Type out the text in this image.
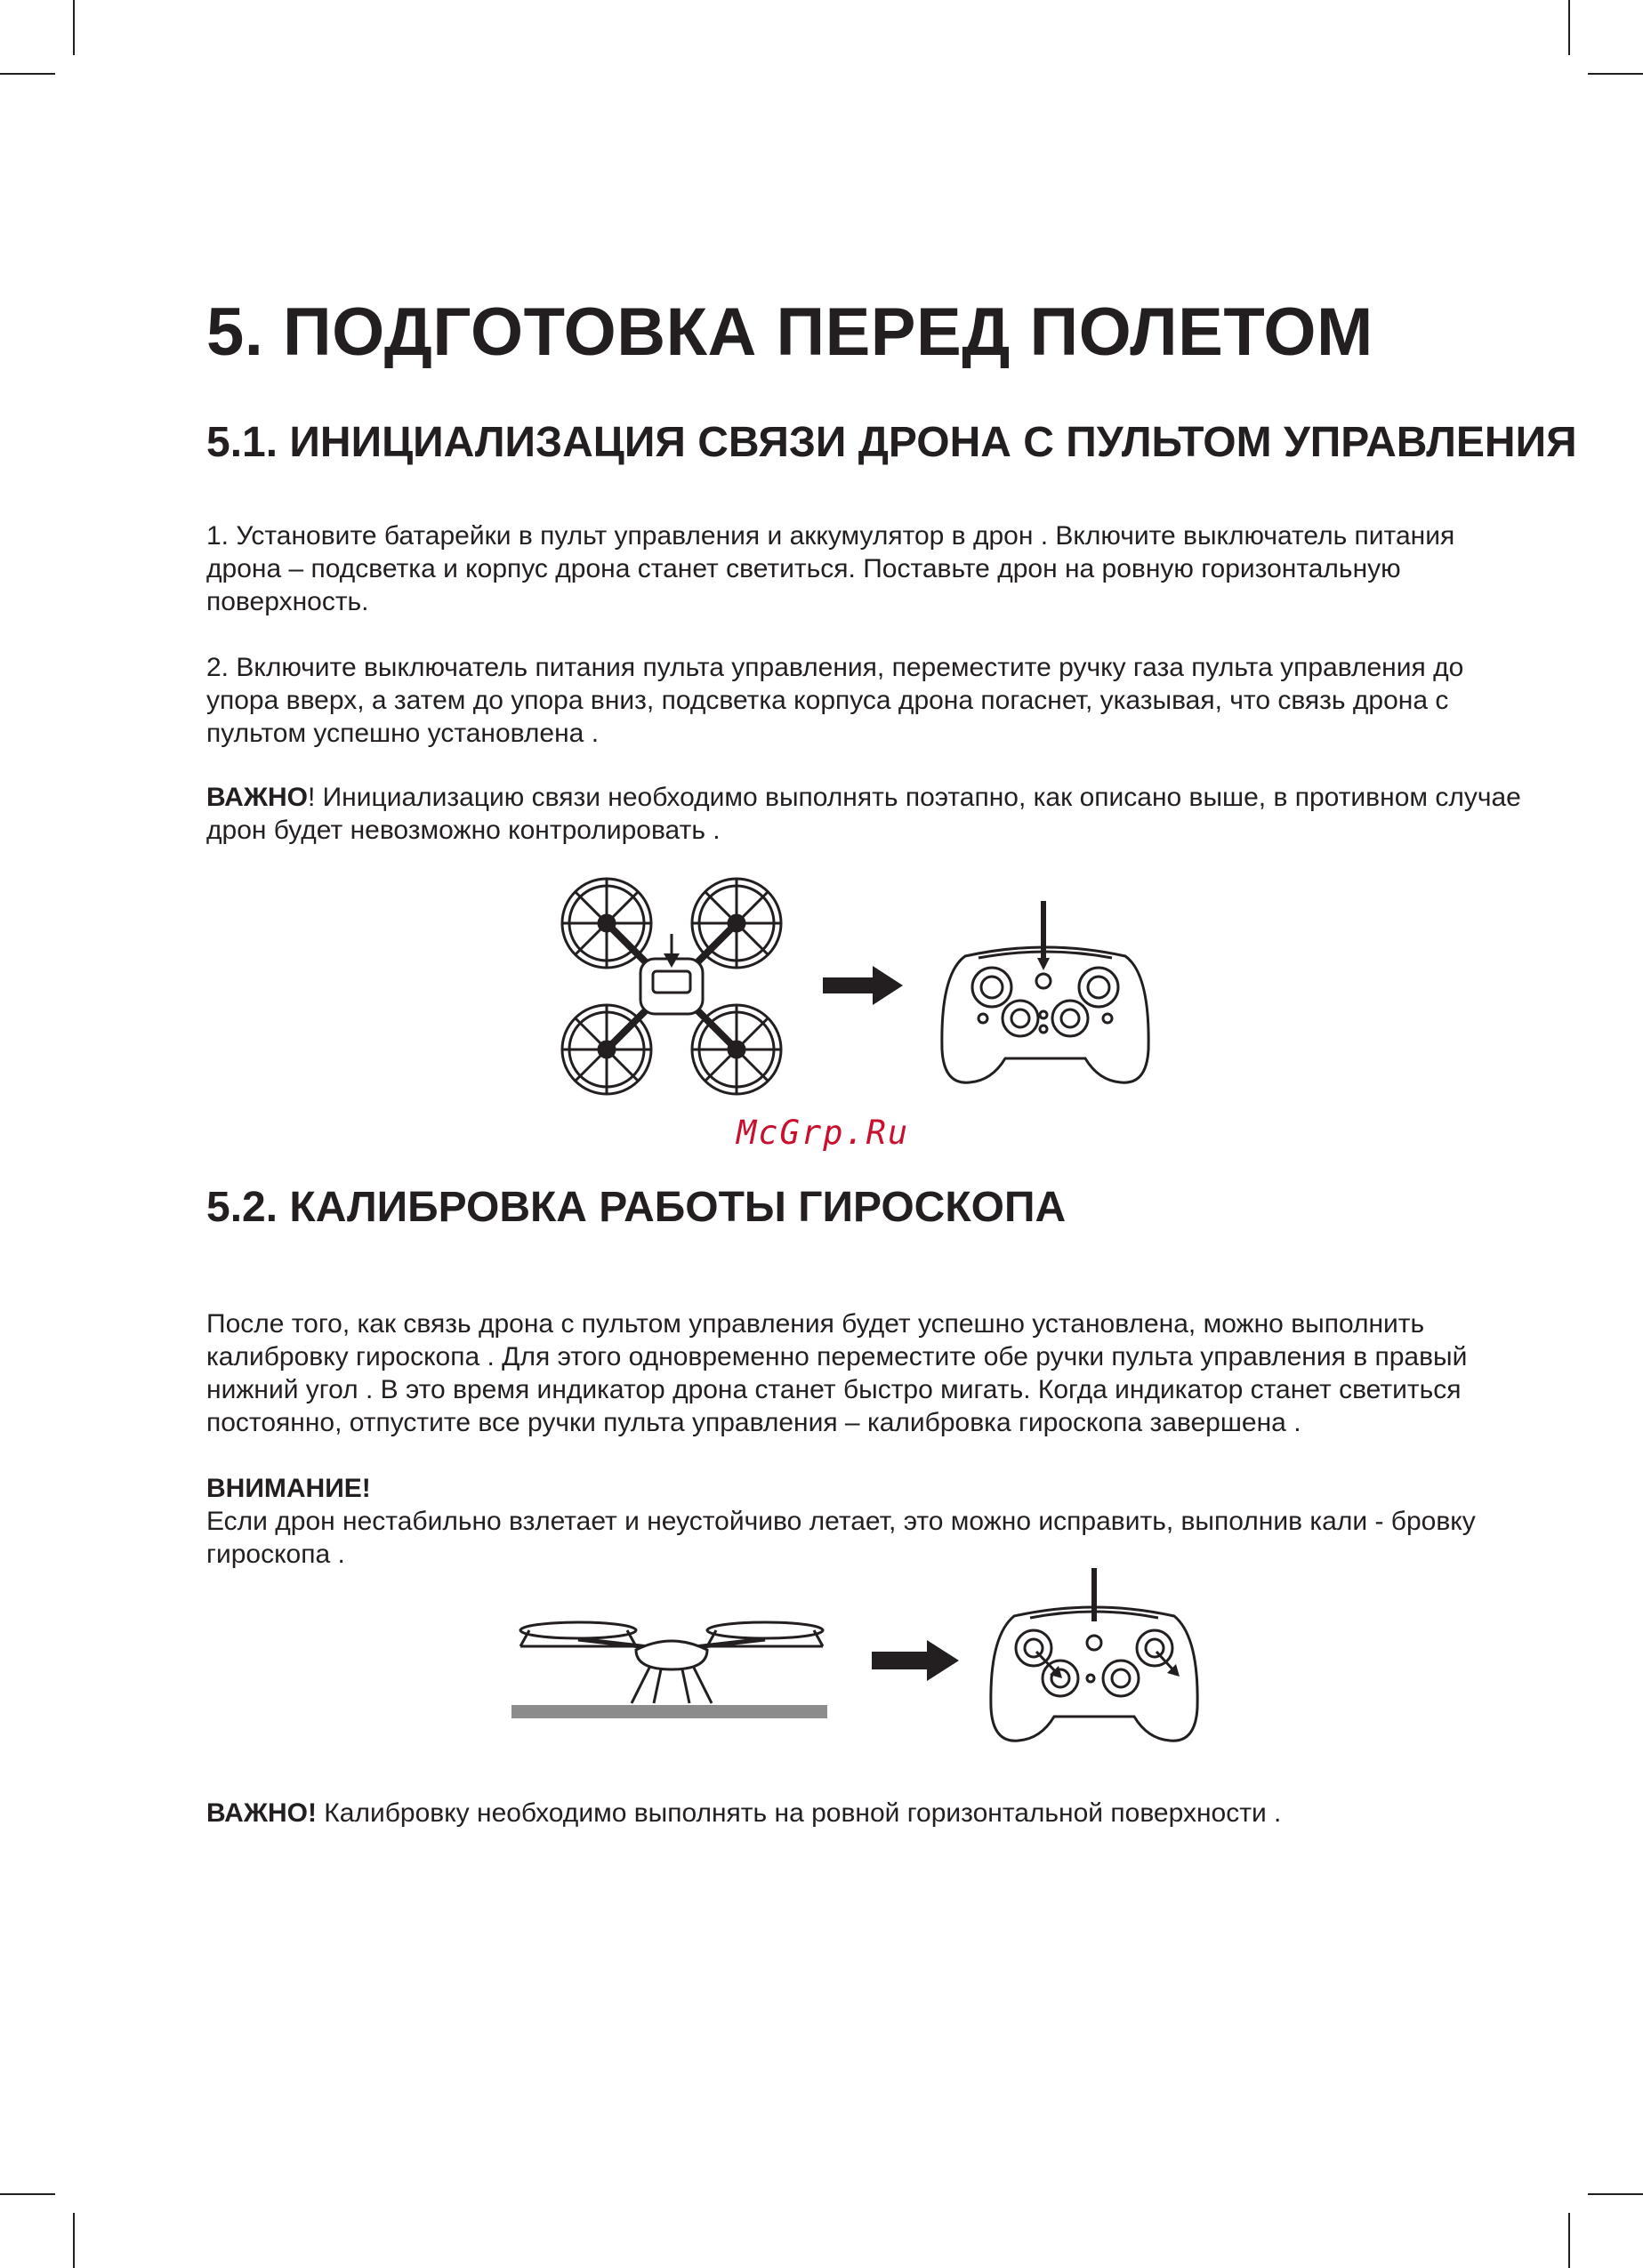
5. ПОДГОТОВКА ПЕРЕД ПОЛЕТОМ
5.1. ИНИЦИАЛИЗАЦИЯ СВЯЗИ ДРОНА С ПУЛЬТОМ УПРАВЛЕНИЯ

1. Установите батарейки в пульт управления и аккумулятор в дрон . Включите выключатель питания дрона – подсветка и корпус дрона станет светиться. Поставьте дрон на ровную горизонтальную поверхность.

2. Включите выключатель питания пульта управления, переместите ручку газа пульта управления до упора вверх, а затем до упора вниз, подсветка корпуса дрона погаснет, указывая, что связь дрона с пультом успешно установлена .

ВАЖНО! Инициализацию связи необходимо выполнять поэтапно, как описано выше, в противном случае дрон будет невозможно контролировать .

McGrp.Ru
5.2. КАЛИБРОВКА РАБОТЫ ГИРОСКОПА

После того, как связь дрона с пультом управления будет успешно установлена, можно выполнить калибровку гироскопа . Для этого одновременно переместите обе ручки пульта управления в правый нижний угол . В это время индикатор дрона станет быстро мигать. Когда индикатор станет светиться постоянно, отпустите все ручки пульта управления – калибровка гироскопа завершена .

ВНИМАНИЕ!
Если дрон нестабильно взлетает и неустойчиво летает, это можно исправить, выполнив кали - бровку гироскопа .

ВАЖНО! Калибровку необходимо выполнять на ровной горизонтальной поверхности .
